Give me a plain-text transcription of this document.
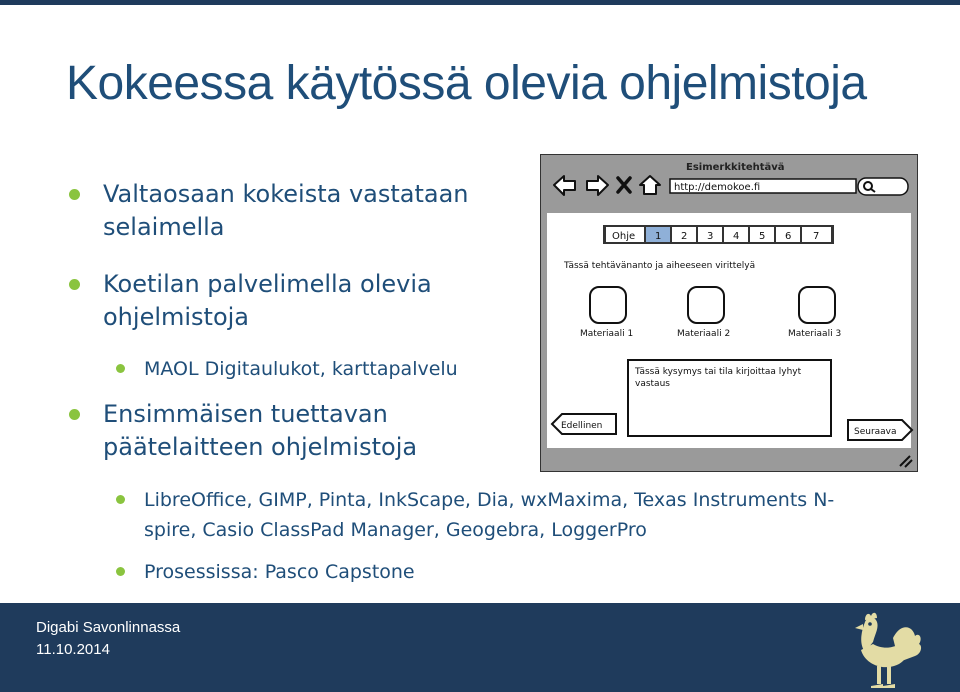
Kokeessa käytössä olevia ohjelmistoja
Valtaosaan kokeista vastataan selaimella
Koetilan palvelimella olevia ohjelmistoja
MAOL Digitaulukot, karttapalvelu
Ensimmäisen tuettavan päätelaitteen ohjelmistoja
LibreOffice, GIMP, Pinta, InkScape, Dia, wxMaxima, Texas Instruments N-spire, Casio ClassPad Manager, Geogebra, LoggerPro
Prosessissa: Pasco Capstone
Esimerkkitehtävä
http://demokoe.fi
Ohje 1 2 3 4 5 6 7
Tässä tehtävänanto ja aiheeseen virittelyä
Materiaali 1	Materiaali 2	Materiaali 3
Tässä kysymys tai tila kirjoittaa lyhyt
vastaus
Edellinen
Seuraava
Digabi Savonlinnassa
11.10.2014
